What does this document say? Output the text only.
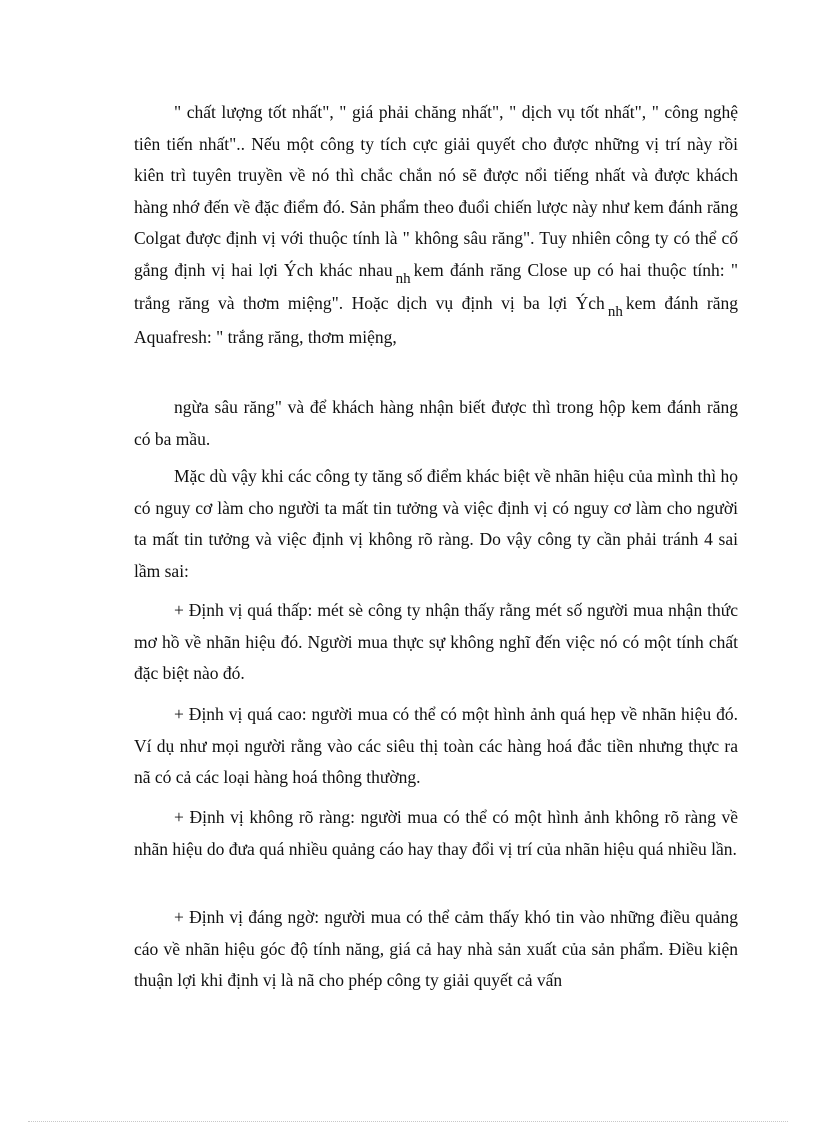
" chất lượng tốt nhất", " giá phải chăng nhất", " dịch vụ tốt nhất", " công nghệ tiên tiến nhất".. Nếu một công ty tích cực giải quyết cho được những vị trí này rồi kiên trì tuyên truyền về nó thì chắc chắn nó sẽ được nổi tiếng nhất và được khách hàng nhớ đến về đặc điểm đó. Sản phẩm theo đuổi chiến lược này như kem đánh răng Colgat được định vị với thuộc tính là " không sâu răng". Tuy nhiên công ty có thể cố gắng định vị hai lợi Ých khác nhau nh kem đánh răng Close up có hai thuộc tính: " trắng răng và thơm miệng". Hoặc dịch vụ định vị ba lợi Ých nh kem đánh răng Aquafresh: " trắng răng, thơm miệng,

ngừa sâu răng" và để khách hàng nhận biết được thì trong hộp kem đánh răng có ba mầu.

Mặc dù vậy khi các công ty tăng số điểm khác biệt về nhãn hiệu của mình thì họ có nguy cơ làm cho người ta mất tin tưởng và việc định vị có nguy cơ làm cho người ta mất tin tưởng và việc định vị không rõ ràng. Do vậy công ty cần phải tránh 4 sai lầm sai:

+ Định vị quá thấp: mét sè công ty nhận thấy rằng mét số người mua nhận thức mơ hồ về nhãn hiệu đó. Người mua thực sự không nghĩ đến việc nó có một tính chất đặc biệt nào đó.

+ Định vị quá cao: người mua có thể có một hình ảnh quá hẹp về nhãn hiệu đó. Ví dụ như mọi người rằng vào các siêu thị toàn các hàng hoá đắc tiền nhưng thực ra nã có cả các loại hàng hoá thông thường.

+ Định vị không rõ ràng: người mua có thể có một hình ảnh không rõ ràng về nhãn hiệu do đưa quá nhiều quảng cáo hay thay đổi vị trí của nhãn hiệu quá nhiều lần.

+ Định vị đáng ngờ: người mua có thể cảm thấy khó tin vào những điều quảng cáo về nhãn hiệu góc độ tính năng, giá cả hay nhà sản xuất của sản phẩm. Điều kiện thuận lợi khi định vị là nã cho phép công ty giải quyết cả vấn
